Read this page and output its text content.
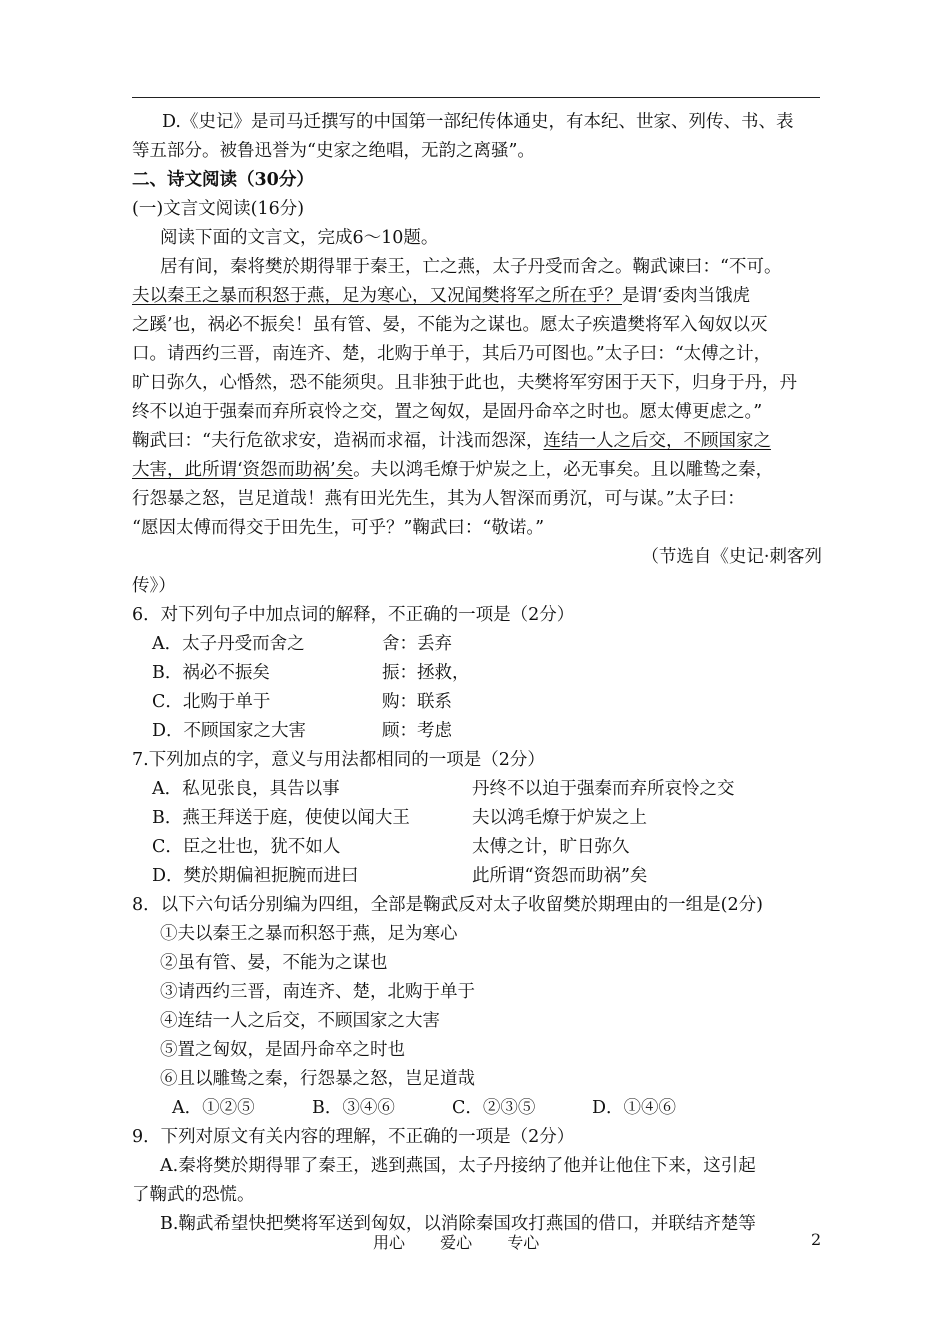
D.《史记》是司马迁撰写的中国第一部纪传体通史，有本纪、世家、列传、书、表

等五部分。被鲁迅誉为“史家之绝唱，无韵之离骚”。

二、诗文阅读（30分）

(一)文言文阅读(16分)

阅读下面的文言文，完成6～10题。

居有间，秦将樊於期得罪于秦王，亡之燕，太子丹受而舍之。鞠武谏曰：“不可。

夫以秦王之暴而积怒于燕，足为寒心，又况闻樊将军之所在乎？是谓‘委肉当饿虎

之蹊’也，祸必不振矣！虽有管、晏，不能为之谋也。愿太子疾遣樊将军入匈奴以灭

口。请西约三晋，南连齐、楚，北购于单于，其后乃可图也。”太子曰：“太傅之计，

旷日弥久，心惛然，恐不能须臾。且非独于此也，夫樊将军穷困于天下，归身于丹，丹

终不以迫于强秦而弃所哀怜之交，置之匈奴，是固丹命卒之时也。愿太傅更虑之。”

鞠武曰：“夫行危欲求安，造祸而求福，计浅而怨深，连结一人之后交，不顾国家之

大害，此所谓‘资怨而助祸’矣。夫以鸿毛燎于炉炭之上，必无事矣。且以雕鸷之秦，

行怨暴之怒，岂足道哉！燕有田光先生，其为人智深而勇沉，可与谋。”太子曰：

“愿因太傅而得交于田先生，可乎？”鞠武曰：“敬诺。”

（节选自《史记·刺客列

传》）

6．对下列句子中加点词的解释，不正确的一项是（2分）

A．太子丹受而舍之	舍：丢弃
B．祸必不振矣	振：拯救，
C．北购于单于	购：联系
D．不顾国家之大害	顾：考虑

7.下列加点的字，意义与用法都相同的一项是（2分）

A．私见张良，具告以事	丹终不以迫于强秦而弃所哀怜之交
B．燕王拜送于庭，使使以闻大王	夫以鸿毛燎于炉炭之上
C．臣之壮也，犹不如人	太傅之计，旷日弥久
D．樊於期偏袒扼腕而进曰	此所谓“资怨而助祸”矣

8．以下六句话分别编为四组，全部是鞠武反对太子收留樊於期理由的一组是(2分)

①夫以秦王之暴而积怒于燕，足为寒心

②虽有管、晏，不能为之谋也

③请西约三晋，南连齐、楚，北购于单于

④连结一人之后交，不顾国家之大害

⑤置之匈奴，是固丹命卒之时也

⑥且以雕鸷之秦，行怨暴之怒，岂足道哉

A．①②⑤	B．③④⑥	C．②③⑤	D．①④⑥

9．下列对原文有关内容的理解，不正确的一项是（2分）

A.秦将樊於期得罪了秦王，逃到燕国，太子丹接纳了他并让他住下来，这引起

了鞠武的恐慌。

B.鞠武希望快把樊将军送到匈奴，以消除秦国攻打燕国的借口，并联结齐楚等

用心 爱心 专心	2
